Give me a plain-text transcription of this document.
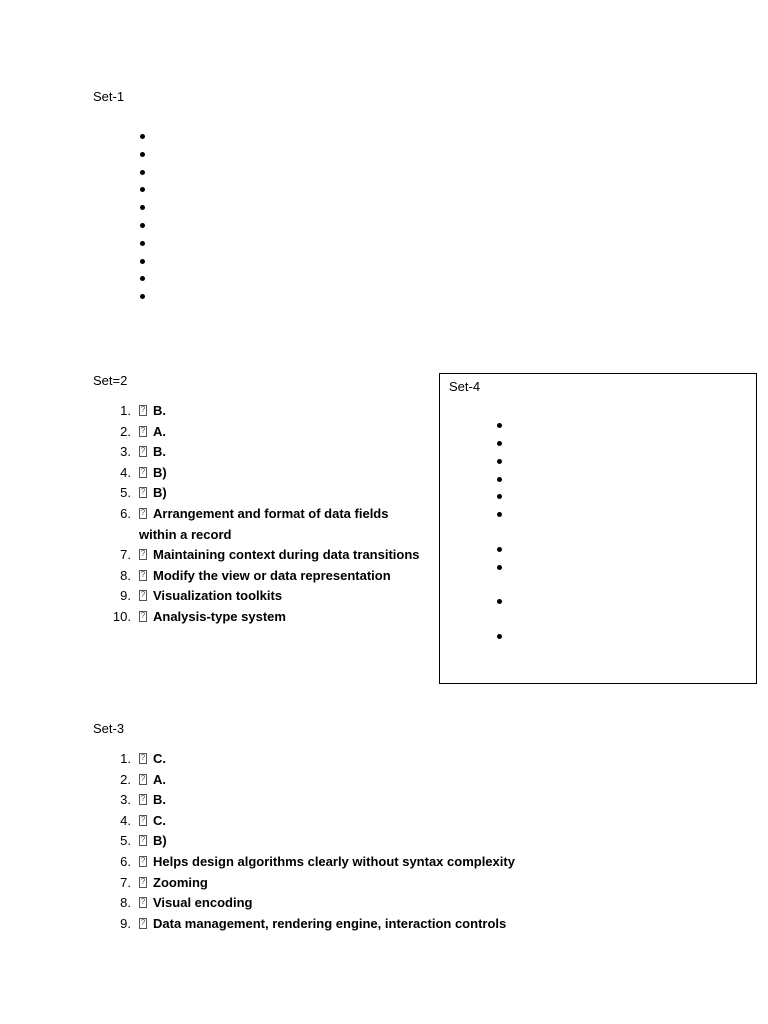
Set-1
Set=2
1. ? B.
2. ? A.
3. ? B.
4. ? B)
5. ? B)
6. ? Arrangement and format of data fields within a record
7. ? Maintaining context during data transitions
8. ? Modify the view or data representation
9. ? Visualization toolkits
10. ? Analysis-type system
Set-4
Set-3
1. ? C.
2. ? A.
3. ? B.
4. ? C.
5. ? B)
6. ? Helps design algorithms clearly without syntax complexity
7. ? Zooming
8. ? Visual encoding
9. ? Data management, rendering engine, interaction controls
